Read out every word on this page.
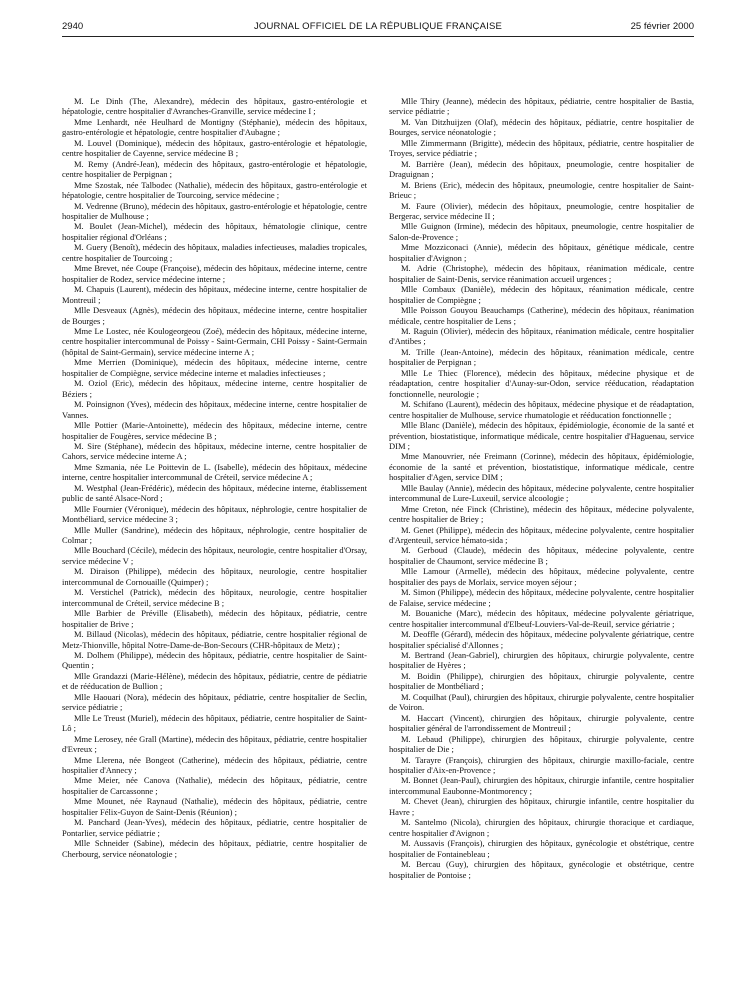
2940	JOURNAL OFFICIEL DE LA RÉPUBLIQUE FRANÇAISE	25 février 2000

M. Le Dinh (The, Alexandre), médecin des hôpitaux, gastro-entérologie et hépatologie, centre hospitalier d'Avranches-Granville, service médecine I ;

Mme Lenhardt, née Heulhard de Montigny (Stéphanie), médecin des hôpitaux, gastro-entérologie et hépatologie, centre hospitalier d'Aubagne ;

M. Louvel (Dominique), médecin des hôpitaux, gastro-entérologie et hépatologie, centre hospitalier de Cayenne, service médecine B ;

M. Remy (André-Jean), médecin des hôpitaux, gastro-entérologie et hépatologie, centre hospitalier de Perpignan ;

Mme Szostak, née Talbodec (Nathalie), médecin des hôpitaux, gastro-entérologie et hépatologie, centre hospitalier de Tourcoing, service médecine ;

M. Vedrenne (Bruno), médecin des hôpitaux, gastro-entérologie et hépatologie, centre hospitalier de Mulhouse ;

M. Boulet (Jean-Michel), médecin des hôpitaux, hématologie clinique, centre hospitalier régional d'Orléans ;

M. Guery (Benoît), médecin des hôpitaux, maladies infectieuses, maladies tropicales, centre hospitalier de Tourcoing ;

Mme Brevet, née Coupe (Françoise), médecin des hôpitaux, médecine interne, centre hospitalier de Rodez, service médecine interne ;

M. Chapuis (Laurent), médecin des hôpitaux, médecine interne, centre hospitalier de Montreuil ;

Mlle Desveaux (Agnès), médecin des hôpitaux, médecine interne, centre hospitalier de Bourges ;

Mme Le Lostec, née Koulogeorgeou (Zoé), médecin des hôpitaux, médecine interne, centre hospitalier intercommunal de Poissy - Saint-Germain, CHI Poissy - Saint-Germain (hôpital de Saint-Germain), service médecine interne A ;

Mme Merrien (Dominique), médecin des hôpitaux, médecine interne, centre hospitalier de Compiègne, service médecine interne et maladies infectieuses ;

M. Oziol (Eric), médecin des hôpitaux, médecine interne, centre hospitalier de Béziers ;

M. Poinsignon (Yves), médecin des hôpitaux, médecine interne, centre hospitalier de Vannes.

Mlle Pottier (Marie-Antoinette), médecin des hôpitaux, médecine interne, centre hospitalier de Fougères, service médecine B ;

M. Sire (Stéphane), médecin des hôpitaux, médecine interne, centre hospitalier de Cahors, service médecine interne A ;

Mme Szmania, née Le Poittevin de L. (Isabelle), médecin des hôpitaux, médecine interne, centre hospitalier intercommunal de Créteil, service médecine A ;

M. Westphal (Jean-Frédéric), médecin des hôpitaux, médecine interne, établissement public de santé Alsace-Nord ;

Mlle Fournier (Véronique), médecin des hôpitaux, néphrologie, centre hospitalier de Montbéliard, service médecine 3 ;

Mlle Muller (Sandrine), médecin des hôpitaux, néphrologie, centre hospitalier de Colmar ;

Mlle Bouchard (Cécile), médecin des hôpitaux, neurologie, centre hospitalier d'Orsay, service médecine V ;

M. Diraison (Philippe), médecin des hôpitaux, neurologie, centre hospitalier intercommunal de Cornouaille (Quimper) ;

M. Verstichel (Patrick), médecin des hôpitaux, neurologie, centre hospitalier intercommunal de Créteil, service médecine B ;

Mlle Barbier de Préville (Elisabeth), médecin des hôpitaux, pédiatrie, centre hospitalier de Brive ;

M. Billaud (Nicolas), médecin des hôpitaux, pédiatrie, centre hospitalier régional de Metz-Thionville, hôpital Notre-Dame-de-Bon-Secours (CHR-hôpitaux de Metz) ;

M. Dolhem (Philippe), médecin des hôpitaux, pédiatrie, centre hospitalier de Saint-Quentin ;

Mlle Grandazzi (Marie-Hélène), médecin des hôpitaux, pédiatrie, centre de pédiatrie et de rééducation de Bullion ;

Mlle Haouari (Nora), médecin des hôpitaux, pédiatrie, centre hospitalier de Seclin, service pédiatrie ;

Mlle Le Treust (Muriel), médecin des hôpitaux, pédiatrie, centre hospitalier de Saint-Lô ;

Mme Lerosey, née Grall (Martine), médecin des hôpitaux, pédiatrie, centre hospitalier d'Evreux ;

Mme Llerena, née Bongeot (Catherine), médecin des hôpitaux, pédiatrie, centre hospitalier d'Annecy ;

Mme Meier, née Canova (Nathalie), médecin des hôpitaux, pédiatrie, centre hospitalier de Carcassonne ;

Mme Mounet, née Raynaud (Nathalie), médecin des hôpitaux, pédiatrie, centre hospitalier Félix-Guyon de Saint-Denis (Réunion) ;

M. Panchard (Jean-Yves), médecin des hôpitaux, pédiatrie, centre hospitalier de Pontarlier, service pédiatrie ;

Mlle Schneider (Sabine), médecin des hôpitaux, pédiatrie, centre hospitalier de Cherbourg, service néonatologie ;

Mlle Thiry (Jeanne), médecin des hôpitaux, pédiatrie, centre hospitalier de Bastia, service pédiatrie ;

M. Van Ditzhuijzen (Olaf), médecin des hôpitaux, pédiatrie, centre hospitalier de Bourges, service néonatologie ;

Mlle Zimmermann (Brigitte), médecin des hôpitaux, pédiatrie, centre hospitalier de Troyes, service pédiatrie ;

M. Barrière (Jean), médecin des hôpitaux, pneumologie, centre hospitalier de Draguignan ;

M. Briens (Eric), médecin des hôpitaux, pneumologie, centre hospitalier de Saint-Brieuc ;

M. Faure (Olivier), médecin des hôpitaux, pneumologie, centre hospitalier de Bergerac, service médecine II ;

Mlle Guignon (Irmine), médecin des hôpitaux, pneumologie, centre hospitalier de Salon-de-Provence ;

Mme Mozziconaci (Annie), médecin des hôpitaux, génétique médicale, centre hospitalier d'Avignon ;

M. Adrie (Christophe), médecin des hôpitaux, réanimation médicale, centre hospitalier de Saint-Denis, service réanimation accueil urgences ;

Mlle Combaux (Danièle), médecin des hôpitaux, réanimation médicale, centre hospitalier de Compiègne ;

Mlle Poisson Gouyou Beauchamps (Catherine), médecin des hôpitaux, réanimation médicale, centre hospitalier de Lens ;

M. Raguin (Olivier), médecin des hôpitaux, réanimation médicale, centre hospitalier d'Antibes ;

M. Trille (Jean-Antoine), médecin des hôpitaux, réanimation médicale, centre hospitalier de Perpignan ;

Mlle Le Thiec (Florence), médecin des hôpitaux, médecine physique et de réadaptation, centre hospitalier d'Aunay-sur-Odon, service rééducation, réadaptation fonctionnelle, neurologie ;

M. Schifano (Laurent), médecin des hôpitaux, médecine physique et de réadaptation, centre hospitalier de Mulhouse, service rhumatologie et rééducation fonctionnelle ;

Mlle Blanc (Danièle), médecin des hôpitaux, épidémiologie, économie de la santé et prévention, biostatistique, informatique médicale, centre hospitalier d'Haguenau, service DIM ;

Mme Manouvrier, née Freimann (Corinne), médecin des hôpitaux, épidémiologie, économie de la santé et prévention, biostatistique, informatique médicale, centre hospitalier d'Agen, service DIM ;

Mlle Baulay (Annie), médecin des hôpitaux, médecine polyvalente, centre hospitalier intercommunal de Lure-Luxeuil, service alcoologie ;

Mme Creton, née Finck (Christine), médecin des hôpitaux, médecine polyvalente, centre hospitalier de Briey ;

M. Genet (Philippe), médecin des hôpitaux, médecine polyvalente, centre hospitalier d'Argenteuil, service hémato-sida ;

M. Gerboud (Claude), médecin des hôpitaux, médecine polyvalente, centre hospitalier de Chaumont, service médecine B ;

Mlle Lamour (Armelle), médecin des hôpitaux, médecine polyvalente, centre hospitalier des pays de Morlaix, service moyen séjour ;

M. Simon (Philippe), médecin des hôpitaux, médecine polyvalente, centre hospitalier de Falaise, service médecine ;

M. Bouaniche (Marc), médecin des hôpitaux, médecine polyvalente gériatrique, centre hospitalier intercommunal d'Elbeuf-Louviers-Val-de-Reuil, service gériatrie ;

M. Deoffle (Gérard), médecin des hôpitaux, médecine polyvalente gériatrique, centre hospitalier spécialisé d'Allonnes ;

M. Bertrand (Jean-Gabriel), chirurgien des hôpitaux, chirurgie polyvalente, centre hospitalier de Hyères ;

M. Boidin (Philippe), chirurgien des hôpitaux, chirurgie polyvalente, centre hospitalier de Montbéliard ;

M. Coquilhat (Paul), chirurgien des hôpitaux, chirurgie polyvalente, centre hospitalier de Voiron.

M. Haccart (Vincent), chirurgien des hôpitaux, chirurgie polyvalente, centre hospitalier général de l'arrondissement de Montreuil ;

M. Lebaud (Philippe), chirurgien des hôpitaux, chirurgie polyvalente, centre hospitalier de Die ;

M. Tarayre (François), chirurgien des hôpitaux, chirurgie maxillo-faciale, centre hospitalier d'Aix-en-Provence ;

M. Bonnet (Jean-Paul), chirurgien des hôpitaux, chirurgie infantile, centre hospitalier intercommunal Eaubonne-Montmorency ;

M. Chevet (Jean), chirurgien des hôpitaux, chirurgie infantile, centre hospitalier du Havre ;

M. Santelmo (Nicola), chirurgien des hôpitaux, chirurgie thoracique et cardiaque, centre hospitalier d'Avignon ;

M. Aussavis (François), chirurgien des hôpitaux, gynécologie et obstétrique, centre hospitalier de Fontainebleau ;

M. Bercau (Guy), chirurgien des hôpitaux, gynécologie et obstétrique, centre hospitalier de Pontoise ;
